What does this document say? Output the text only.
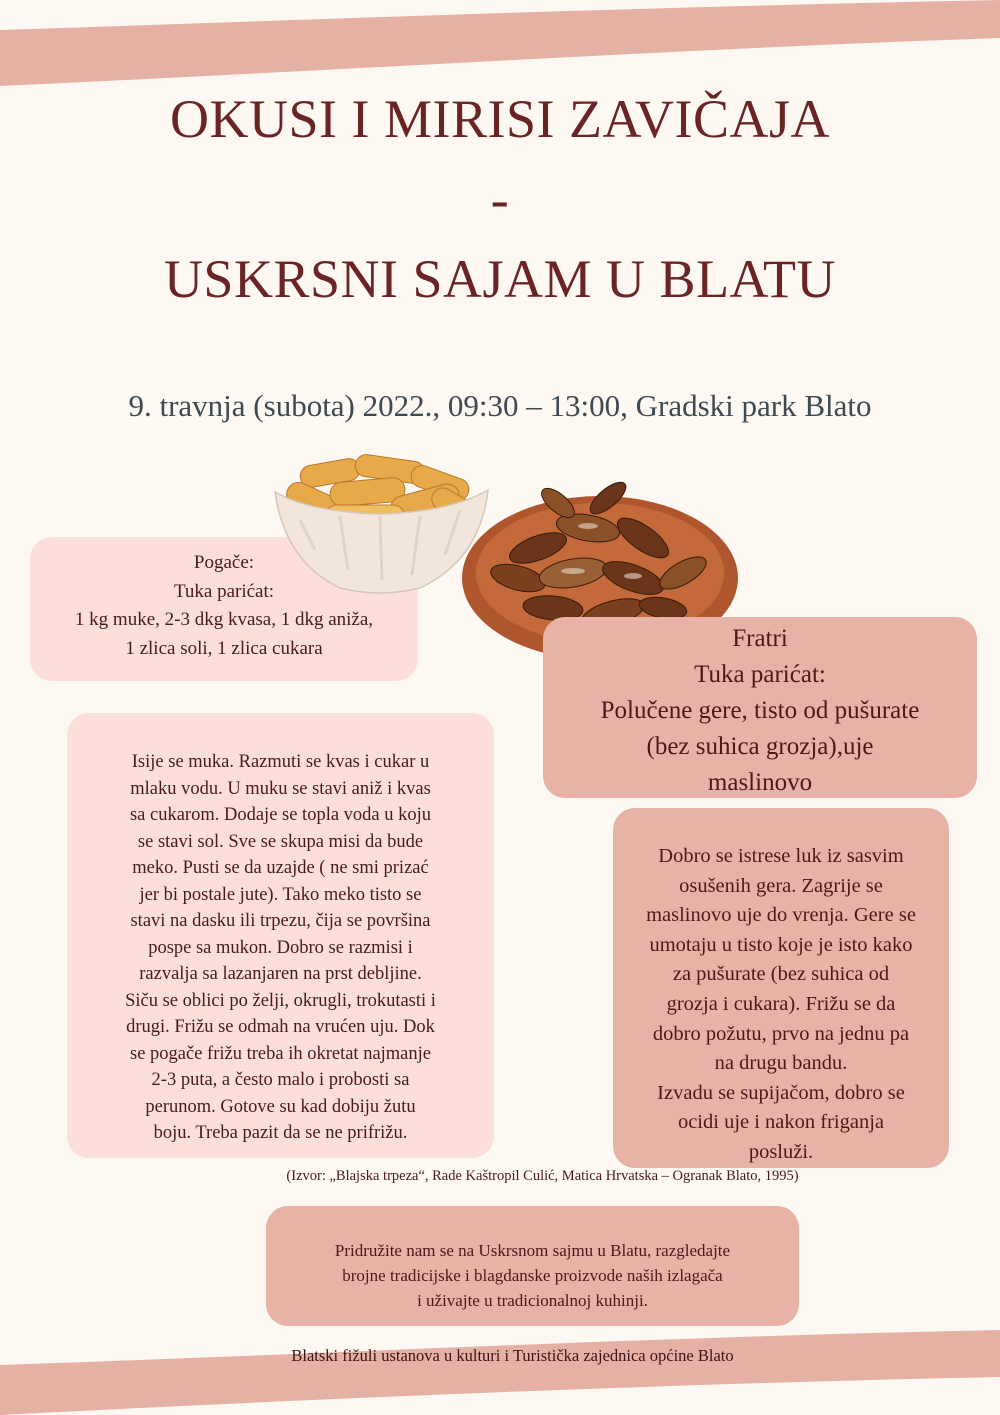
OKUSI I MIRISI ZAVIČAJA
-
USKRSNI SAJAM U BLATU
9. travnja (subota) 2022., 09:30 – 13:00, Gradski park Blato
Pogače:
Tuka parićat:
1 kg muke, 2-3 dkg kvasa, 1 dkg aniža,
1 zlica soli, 1 zlica cukara	Fratri
Tuka parićat:
Polučene gere, tisto od pušurate
(bez suhica grozja),uje
maslinovo
Isije se muka. Razmuti se kvas i cukar u
mlaku vodu. U muku se stavi aniž i kvas
sa cukarom. Dodaje se topla voda u koju
se stavi sol. Sve se skupa misi da bude
meko. Pusti se da uzajde ( ne smi prizać
jer bi postale jute). Tako meko tisto se
stavi na dasku ili trpezu, čija se površina
pospe sa mukon. Dobro se razmisi i
razvalja sa lazanjaren na prst debljine.
Siču se oblici po želji, okrugli, trokutasti i
drugi. Frižu se odmah na vrućen uju. Dok
se pogače frižu treba ih okretat najmanje
2-3 puta, a često malo i probosti sa
perunom. Gotove su kad dobiju žutu
boju. Treba pazit da se ne prifrižu.
Dobro se istrese luk iz sasvim
osušenih gera. Zagrije se
maslinovo uje do vrenja. Gere se
umotaju u tisto koje je isto kako
za pušurate (bez suhica od
grozja i cukara). Frižu se da
dobro požutu, prvo na jednu pa
na drugu bandu.
Izvadu se supijačom, dobro se
ocidi uje i nakon friganja
posluži.
(Izvor: „Blajska trpeza“, Rade Kaštropil Culić, Matica Hrvatska – Ogranak Blato, 1995)
Pridružite nam se na Uskrsnom sajmu u Blatu, razgledajte
brojne tradicijske i blagdanske proizvode naših izlagača
i uživajte u tradicionalnoj kuhinji.
Blatski fižuli ustanova u kulturi i Turistička zajednica općine Blato
